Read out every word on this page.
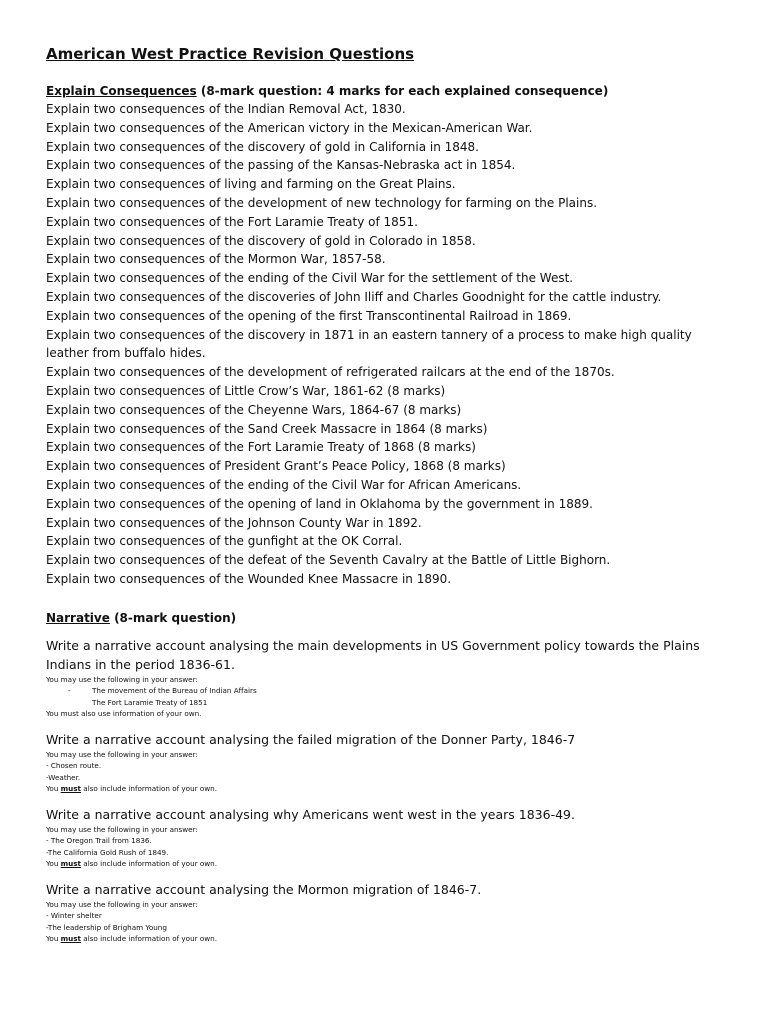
American West Practice Revision Questions
Explain Consequences (8-mark question: 4 marks for each explained consequence)
Explain two consequences of the Indian Removal Act, 1830.
Explain two consequences of the American victory in the Mexican-American War.
Explain two consequences of the discovery of gold in California in 1848.
Explain two consequences of the passing of the Kansas-Nebraska act in 1854.
Explain two consequences of living and farming on the Great Plains.
Explain two consequences of the development of new technology for farming on the Plains.
Explain two consequences of the Fort Laramie Treaty of 1851.
Explain two consequences of the discovery of gold in Colorado in 1858.
Explain two consequences of the Mormon War, 1857-58.
Explain two consequences of the ending of the Civil War for the settlement of the West.
Explain two consequences of the discoveries of John Iliff and Charles Goodnight for the cattle industry.
Explain two consequences of the opening of the first Transcontinental Railroad in 1869.
Explain two consequences of the discovery in 1871 in an eastern tannery of a process to make high quality leather from buffalo hides.
Explain two consequences of the development of refrigerated railcars at the end of the 1870s.
Explain two consequences of Little Crow’s War, 1861-62 (8 marks)
Explain two consequences of the Cheyenne Wars, 1864-67 (8 marks)
Explain two consequences of the Sand Creek Massacre in 1864 (8 marks)
Explain two consequences of the Fort Laramie Treaty of 1868 (8 marks)
Explain two consequences of President Grant’s Peace Policy, 1868 (8 marks)
Explain two consequences of the ending of the Civil War for African Americans.
Explain two consequences of the opening of land in Oklahoma by the government in 1889.
Explain two consequences of the Johnson County War in 1892.
Explain two consequences of the gunfight at the OK Corral.
Explain two consequences of the defeat of the Seventh Cavalry at the Battle of Little Bighorn.
Explain two consequences of the Wounded Knee Massacre in 1890.
Narrative (8-mark question)

Write a narrative account analysing the main developments in US Government policy towards the Plains Indians in the period 1836-61.

You may use the following in your answer:

-	The movement of the Bureau of Indian Affairs
The Fort Laramie Treaty of 1851

You must also use information of your own.

Write a narrative account analysing the failed migration of the Donner Party, 1846-7

You may use the following in your answer:

- Chosen route.

-Weather.

You must also include information of your own.

Write a narrative account analysing why Americans went west in the years 1836-49.

You may use the following in your answer:

- The Oregon Trail from 1836.

-The California Gold Rush of 1849.

You must also include information of your own.

Write a narrative account analysing the Mormon migration of 1846-7.

You may use the following in your answer:

- Winter shelter

-The leadership of Brigham Young

You must also include information of your own.
